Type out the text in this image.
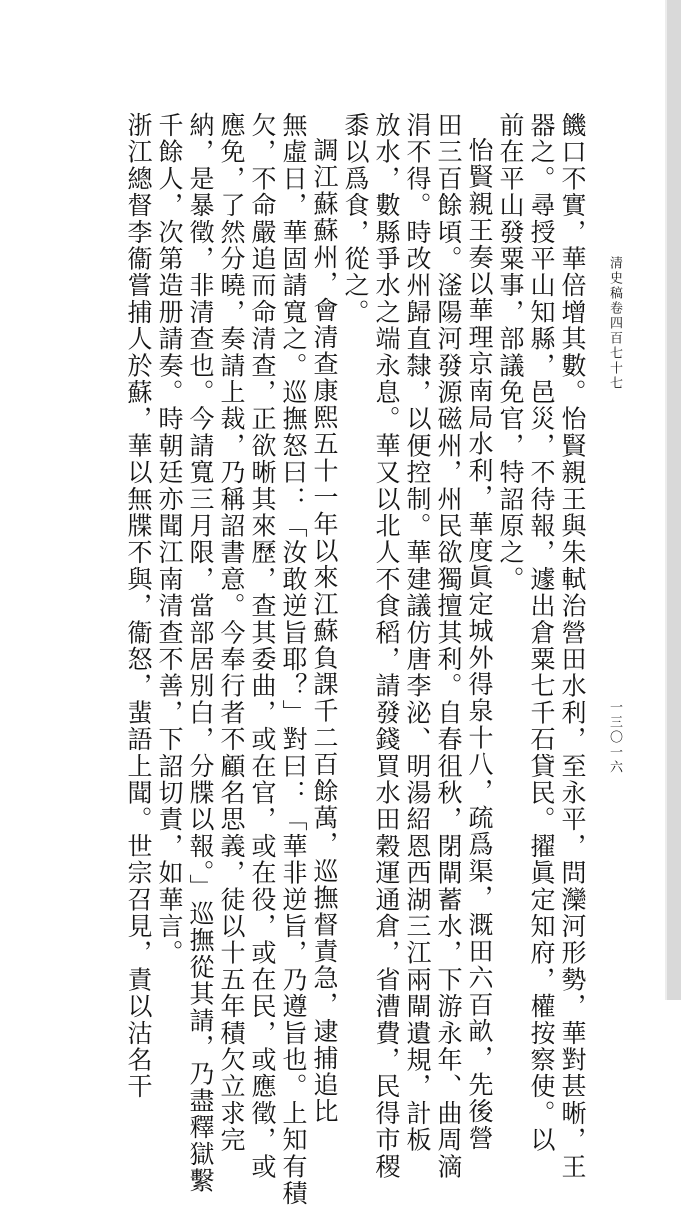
清史稿卷四百七十七
一三〇一六
饑口不實，華倍增其數。怡賢親王與朱軾治營田水利，至永平，問灤河形勢，華對甚晰，王
器之。尋授平山知縣，邑災，不待報，遽出倉粟七千石貸民。擢眞定知府，權按察使。以
前在平山發粟事，部議免官，特詔原之。
怡賢親王奏以華理京南局水利，華度眞定城外得泉十八，疏爲渠，溉田六百畝，先後營
田三百餘頃。滏陽河發源磁州，州民欲獨擅其利。自春徂秋，閉閘蓄水，下游永年、曲周滴
涓不得。時改州歸直隸，以便控制。華建議仿唐李泌、明湯紹恩西湖三江兩閘遺規，計板
放水，數縣爭水之端永息。華又以北人不食稻，請發錢買水田穀運通倉，省漕費，民得市稷
黍以爲食，從之。
調江蘇蘇州，會清查康熙五十一年以來江蘇負課千二百餘萬，巡撫督責急，逮捕追比
無虛日，華固請寬之。巡撫怒曰：「汝敢逆旨耶？」對曰：「華非逆旨，乃遵旨也。上知有積
欠，不命嚴追而命清查，正欲晰其來歷，查其委曲，或在官，或在役，或在民，或應徵，或
應免，了然分曉，奏請上裁，乃稱詔書意。今奉行者不顧名思義，徒以十五年積欠立求完
納，是暴徵，非清查也。今請寬三月限，當部居別白，分牒以報。」巡撫從其請，乃盡釋獄繫
千餘人，次第造册請奏。時朝廷亦聞江南清查不善，下詔切責，如華言。
浙江總督李衞嘗捕人於蘇，華以無牒不與，衞怒，蜚語上聞。世宗召見，責以沽名干
